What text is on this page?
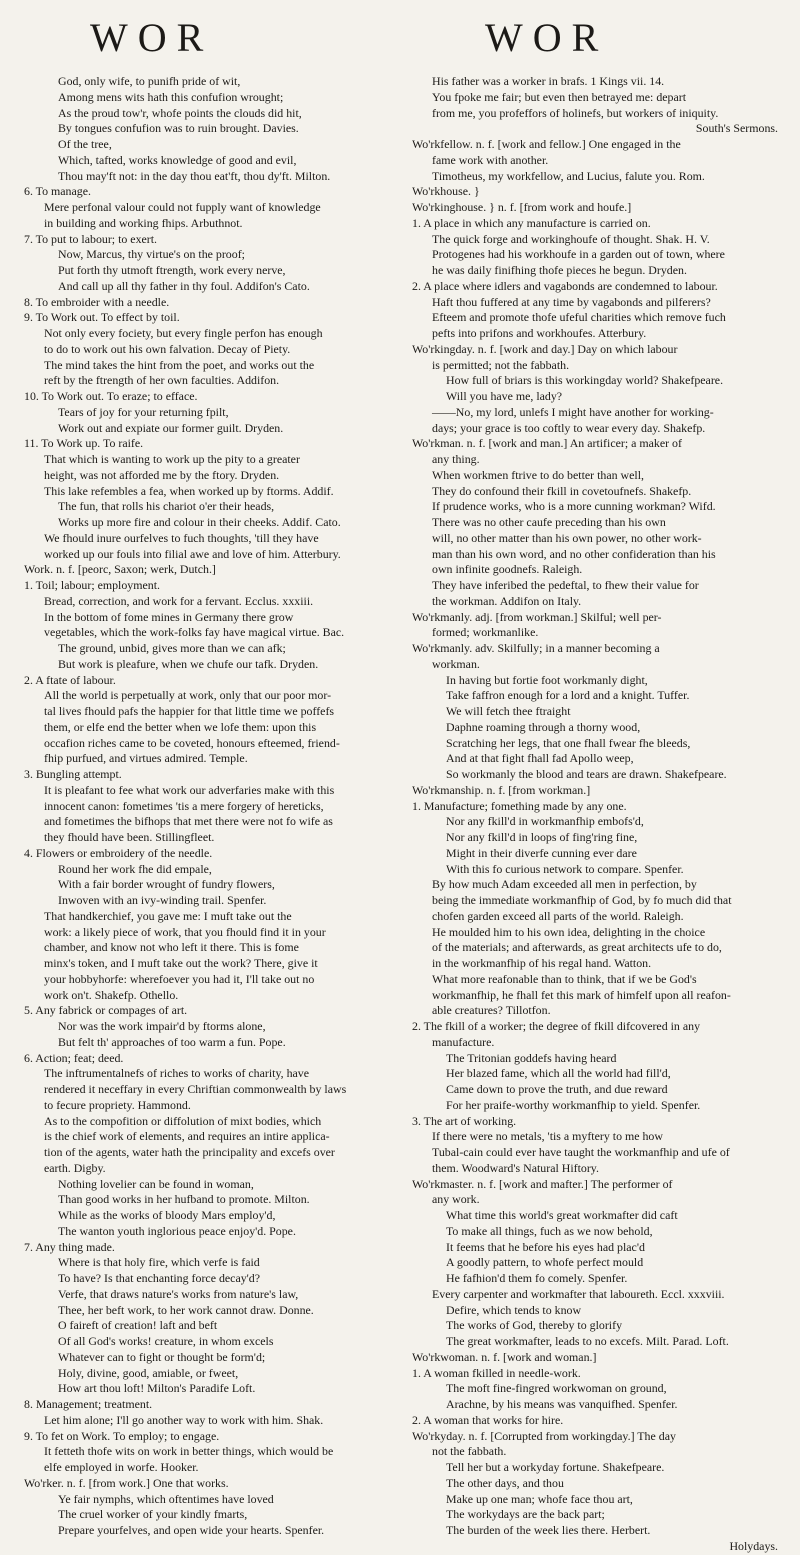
WOR	WOR
God, only wife, to punifh pride of wit,
Among mens wits hath this confufion wrought;
As the proud tow'r, whofe points the clouds did hit,
By tongues confufion was to ruin brought. Davies.
Of the tree,
Which, tafted, works knowledge of good and evil,
Thou may'ft not: in the day thou eat'ft, thou dy'ft. Milton.
6. To manage.
Mere perfonal valour could not fupply want of knowledge
in building and working fhips. Arbuthnot.
7. To put to labour; to exert.
Now, Marcus, thy virtue's on the proof;
Put forth thy utmoft ftrength, work every nerve,
And call up all thy father in thy foul. Addifon's Cato.
8. To embroider with a needle.
9. To Work out. To effect by toil.
Not only every fociety, but every fingle perfon has enough
to do to work out his own falvation. Decay of Piety.
The mind takes the hint from the poet, and works out the
reft by the ftrength of her own faculties. Addifon.
10. To Work out. To eraze; to efface.
Tears of joy for your returning fpilt,
Work out and expiate our former guilt. Dryden.
11. To Work up. To raife.
That which is wanting to work up the pity to a greater
height, was not afforded me by the ftory. Dryden.
This lake refembles a fea, when worked up by ftorms. Addif.
The fun, that rolls his chariot o'er their heads,
Works up more fire and colour in their cheeks. Addif. Cato.
We fhould inure ourfelves to fuch thoughts, 'till they have
worked up our fouls into filial awe and love of him. Atterbury.
Work. n. f. [peorc, Saxon; werk, Dutch.]
1. Toil; labour; employment.
Bread, correction, and work for a fervant. Ecclus. xxxiii.
In the bottom of fome mines in Germany there grow
vegetables, which the work-folks fay have magical virtue. Bac.
The ground, unbid, gives more than we can afk;
But work is pleafure, when we chufe our tafk. Dryden.
2. A ftate of labour.
All the world is perpetually at work, only that our poor mor-
tal lives fhould pafs the happier for that little time we poffefs
them, or elfe end the better when we lofe them: upon this
occafion riches came to be coveted, honours efteemed, friend-
fhip purfued, and virtues admired. Temple.
3. Bungling attempt.
It is pleafant to fee what work our adverfaries make with this
innocent canon: fometimes 'tis a mere forgery of hereticks,
and fometimes the bifhops that met there were not fo wife as
they fhould have been. Stillingfleet.
4. Flowers or embroidery of the needle.
Round her work fhe did empale,
With a fair border wrought of fundry flowers,
Inwoven with an ivy-winding trail. Spenfer.
That handkerchief, you gave me: I muft take out the
work: a likely piece of work, that you fhould find it in your
chamber, and know not who left it there. This is fome
minx's token, and I muft take out the work? There, give it
your hobbyhorfe: wherefoever you had it, I'll take out no
work on't. Shakefp. Othello.
5. Any fabrick or compages of art.
Nor was the work impair'd by ftorms alone,
But felt th' approaches of too warm a fun. Pope.
6. Action; feat; deed.
The inftrumentalnefs of riches to works of charity, have
rendered it neceffary in every Chriftian commonwealth by laws
to fecure propriety. Hammond.
As to the compofition or diffolution of mixt bodies, which
is the chief work of elements, and requires an intire applica-
tion of the agents, water hath the principality and excefs over
earth. Digby.
Nothing lovelier can be found in woman,
Than good works in her hufband to promote. Milton.
While as the works of bloody Mars employ'd,
The wanton youth inglorious peace enjoy'd. Pope.
7. Any thing made.
Where is that holy fire, which verfe is faid
To have? Is that enchanting force decay'd?
Verfe, that draws nature's works from nature's law,
Thee, her beft work, to her work cannot draw. Donne.
O faireft of creation! laft and beft
Of all God's works! creature, in whom excels
Whatever can to fight or thought be form'd;
Holy, divine, good, amiable, or fweet,
How art thou loft! Milton's Paradife Loft.
8. Management; treatment.
Let him alone; I'll go another way to work with him. Shak.
9. To fet on Work. To employ; to engage.
It fetteth thofe wits on work in better things, which would be
elfe employed in worfe. Hooker.
Wo'rker. n. f. [from work.] One that works.
Ye fair nymphs, which oftentimes have loved
The cruel worker of your kindly fmarts,
Prepare yourfelves, and open wide your hearts. Spenfer.
His father was a worker in brafs. 1 Kings vii. 14.
You fpoke me fair; but even then betrayed me: depart
from me, you profeffors of holinefs, but workers of iniquity.
South's Sermons.
Wo'rkfellow. n. f. [work and fellow.] One engaged in the
fame work with another.
Timotheus, my workfellow, and Lucius, falute you. Rom.
Wo'rkhouse. }
Wo'rkinghouse. } n. f. [from work and houfe.]
1. A place in which any manufacture is carried on.
The quick forge and workinghoufe of thought. Shak. H. V.
Protogenes had his workhoufe in a garden out of town, where
he was daily finifhing thofe pieces he begun. Dryden.
2. A place where idlers and vagabonds are condemned to labour.
Haft thou fuffered at any time by vagabonds and pilferers?
Efteem and promote thofe ufeful charities which remove fuch
pefts into prifons and workhoufes. Atterbury.
Wo'rkingday. n. f. [work and day.] Day on which labour
is permitted; not the fabbath.
How full of briars is this workingday world? Shakefpeare.
Will you have me, lady?
——No, my lord, unlefs I might have another for working-
days; your grace is too coftly to wear every day. Shakefp.
Wo'rkman. n. f. [work and man.] An artificer; a maker of
any thing.
When workmen ftrive to do better than well,
They do confound their fkill in covetoufnefs. Shakefp.
If prudence works, who is a more cunning workman? Wifd.
There was no other caufe preceding than his own
will, no other matter than his own power, no other work-
man than his own word, and no other confideration than his
own infinite goodnefs. Raleigh.
They have inferibed the pedeftal, to fhew their value for
the workman. Addifon on Italy.
Wo'rkmanly. adj. [from workman.] Skilful; well per-
formed; workmanlike.
Wo'rkmanly. adv. Skilfully; in a manner becoming a
workman.
In having but fortie foot workmanly dight,
Take faffron enough for a lord and a knight. Tuffer.
We will fetch thee ftraight
Daphne roaming through a thorny wood,
Scratching her legs, that one fhall fwear fhe bleeds,
And at that fight fhall fad Apollo weep,
So workmanly the blood and tears are drawn. Shakefpeare.
Wo'rkmanship. n. f. [from workman.]
1. Manufacture; fomething made by any one.
Nor any fkill'd in workmanfhip embofs'd,
Nor any fkill'd in loops of fing'ring fine,
Might in their diverfe cunning ever dare
With this fo curious network to compare. Spenfer.
By how much Adam exceeded all men in perfection, by
being the immediate workmanfhip of God, by fo much did that
chofen garden exceed all parts of the world. Raleigh.
He moulded him to his own idea, delighting in the choice
of the materials; and afterwards, as great architects ufe to do,
in the workmanfhip of his regal hand. Watton.
What more reafonable than to think, that if we be God's
workmanfhip, he fhall fet this mark of himfelf upon all reafon-
able creatures? Tillotfon.
2. The fkill of a worker; the degree of fkill difcovered in any
manufacture.
The Tritonian goddefs having heard
Her blazed fame, which all the world had fill'd,
Came down to prove the truth, and due reward
For her praife-worthy workmanfhip to yield. Spenfer.
3. The art of working.
If there were no metals, 'tis a myftery to me how
Tubal-cain could ever have taught the workmanfhip and ufe of
them. Woodward's Natural Hiftory.
Wo'rkmaster. n. f. [work and mafter.] The performer of
any work.
What time this world's great workmafter did caft
To make all things, fuch as we now behold,
It feems that he before his eyes had plac'd
A goodly pattern, to whofe perfect mould
He fafhion'd them fo comely. Spenfer.
Every carpenter and workmafter that laboureth. Eccl. xxxviii.
Defire, which tends to know
The works of God, thereby to glorify
The great workmafter, leads to no excefs. Milt. Parad. Loft.
Wo'rkwoman. n. f. [work and woman.]
1. A woman fkilled in needle-work.
The moft fine-fingred workwoman on ground,
Arachne, by his means was vanquifhed. Spenfer.
2. A woman that works for hire.
Wo'rkyday. n. f. [Corrupted from workingday.] The day
not the fabbath.
Tell her but a workyday fortune. Shakefpeare.
The other days, and thou
Make up one man; whofe face thou art,
The workydays are the back part;
The burden of the week lies there. Herbert.
Holydays.
